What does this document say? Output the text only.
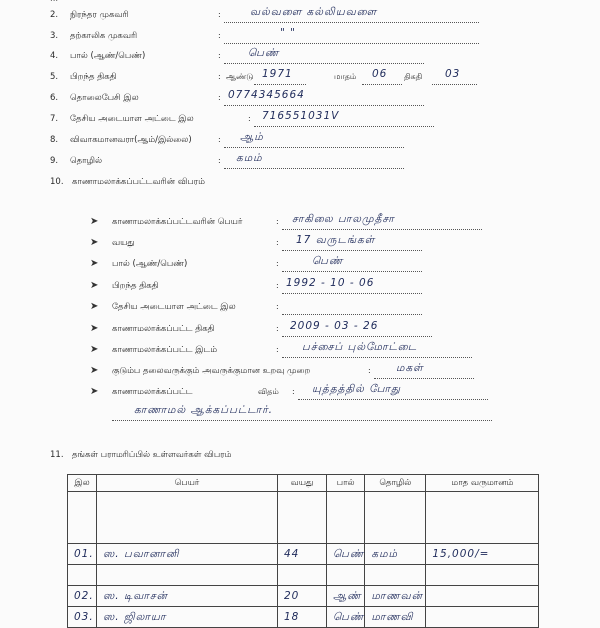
2. நிரந்தர முகவரி	:	வல்வளை கல்லியவளை
3. தற்காலிக முகவரி	:	" "
4. பால் (ஆண்/பெண்)	:	பெண்
5. பிறந்த திகதி	: ஆண்டு 1971	மாதம் 06 திகதி 03
6. தொலைபேசி இல	: 0774345664
7. தேசிய அடையாள அட்டை இல	: 716551031V
8. விவாகமானவரா(ஆம்/இல்லை)	: ஆம்
9. தொழில்	: கமம்
10. காணாமலாக்கப்பட்டவரின் விபரம்
➤ காணாமலாக்கப்பட்டவரின் பெயர்	: சாகிலை பாலமுதீசா
➤ வயது	: 17 வருடங்கள்
➤ பால் (ஆண்/பெண்)	:	பெண்
➤ பிறந்த திகதி	: 1992 - 10 - 06
➤ தேசிய அடையாள அட்டை இல	:
➤ காணாமலாக்கப்பட்ட திகதி	: 2009 - 03 - 26
➤ காணாமலாக்கப்பட்ட இடம்	: பச்சைப் புல்மோட்டை
➤ குடும்ப தலைவருக்கும் அவருக்குமான உறவு முறை	: மகள்
➤ காணாமலாக்கப்பட்ட	விதம் : யுத்தத்தில் போது
காணாமல் ஆக்கப்பட்டார்.
11. தங்கள் பராமரிப்பில் உள்ளவர்கள் விபரம்
இல	பெயர்	வயது	பால்	தொழில்	மாத வருமானம்

01.	ஸ. பவானானி	44	பெண்	கமம்	15,000/=

02.	ஸ. டிவாசன்	20	ஆண்	மாணவன்	
03.	ஸ. ஜிலாயா	18	பெண்	மாணவி	
